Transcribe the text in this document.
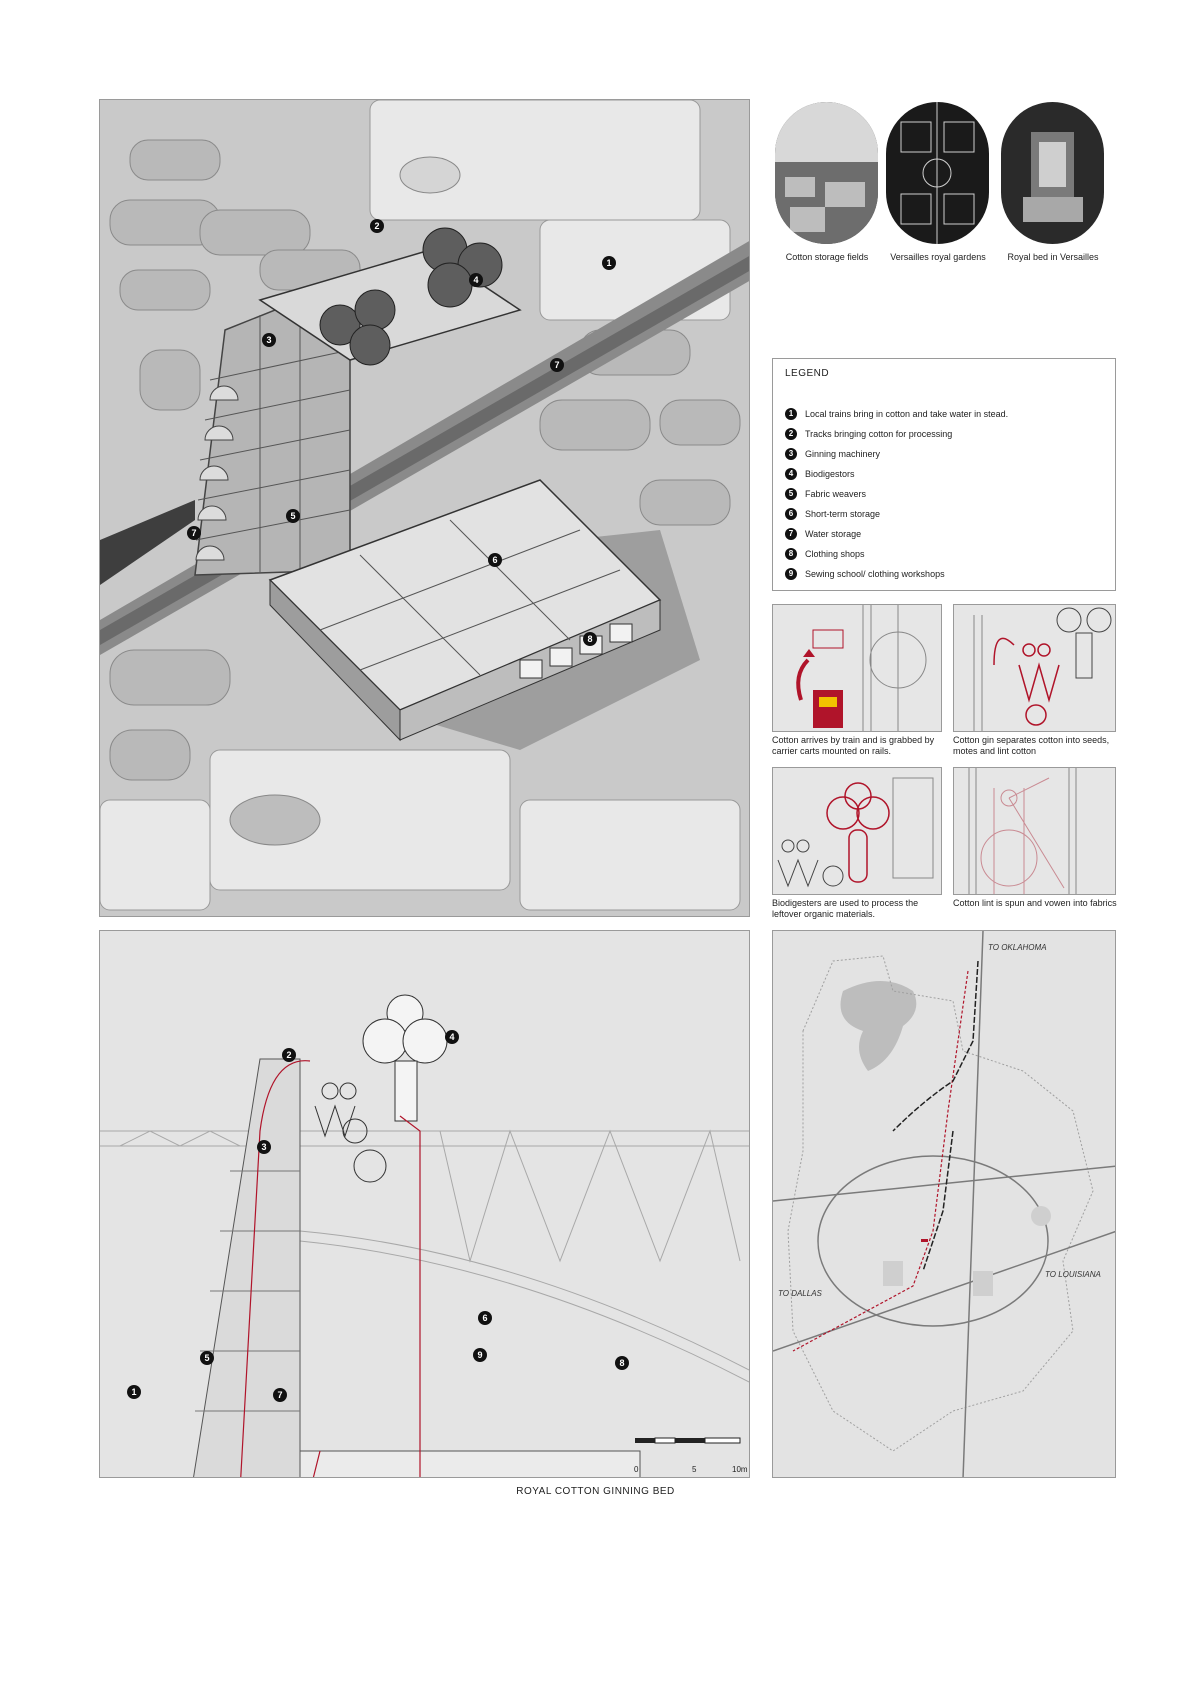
2
1
4
3
7
5
7
6
8
Cotton storage fields	Versailles royal gardens	Royal bed in Versailles
LEGEND
1	Local trains bring in cotton and take water in stead.
2	Tracks bringing cotton for processing
3	Ginning machinery
4	Biodigestors
5	Fabric weavers
6	Short-term storage
7	Water storage
8	Clothing shops
9	Sewing school/ clothing workshops
Cotton arrives by train and is grabbed by carrier carts mounted on rails.
Cotton gin separates cotton into seeds, motes and lint cotton
Biodigesters are used to process the leftover organic materials.
Cotton lint is spun and vowen into fabrics
2
4
3
6
5	9
8
1	7
0	5	10m
TO OKLAHOMA
TO DALLAS
TO LOUISIANA
ROYAL COTTON GINNING BED
